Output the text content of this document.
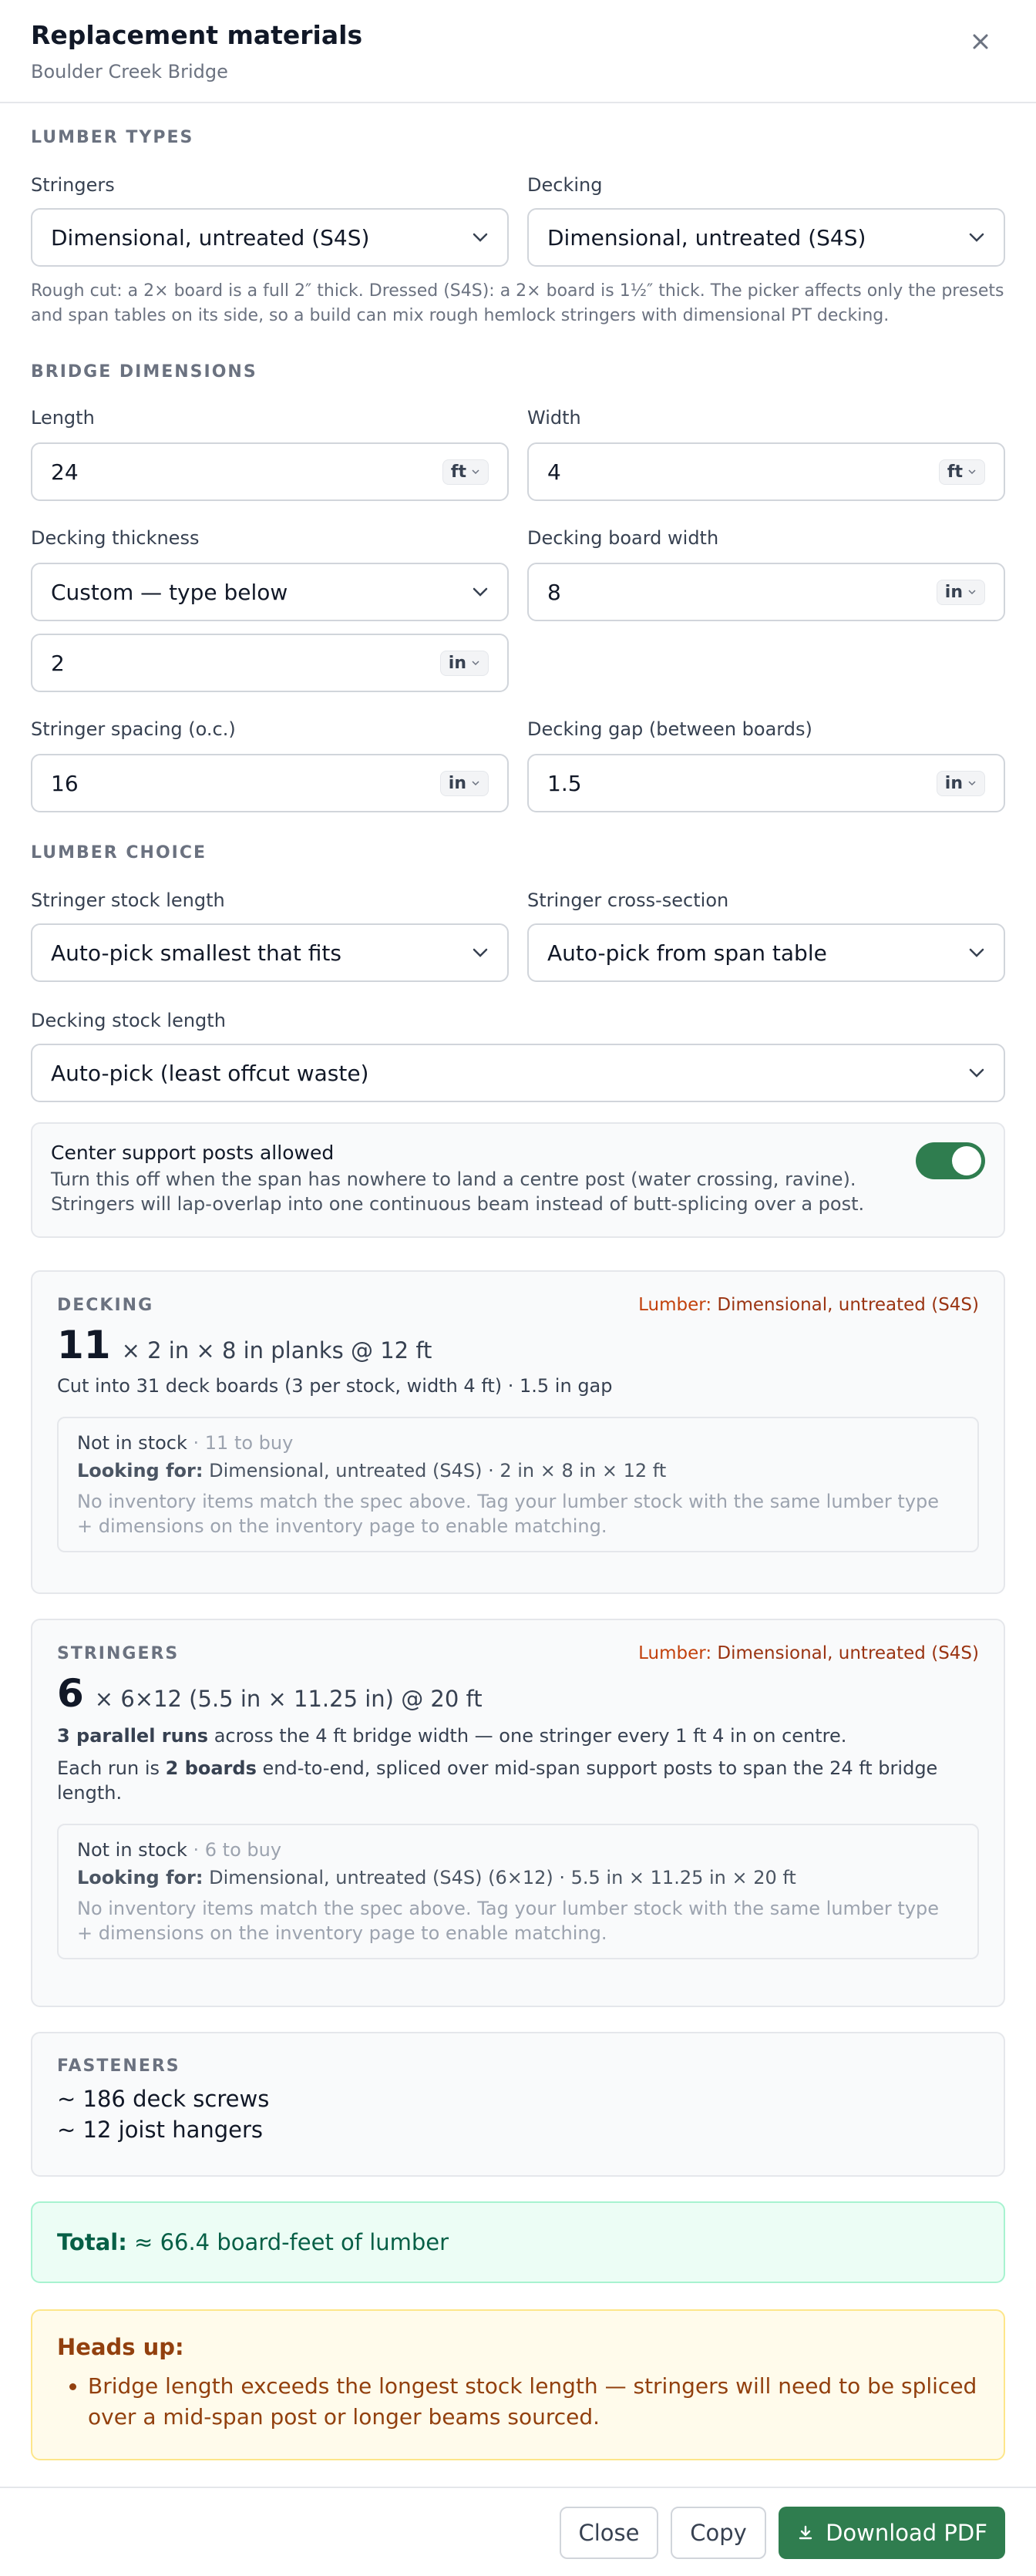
Replacement materials
Boulder Creek Bridge
LUMBER TYPES
Stringers
Dimensional, untreated (S4S)
Decking
Dimensional, untreated (S4S)
Rough cut: a 2× board is a full 2″ thick. Dressed (S4S): a 2× board is 1½″ thick. The picker affects only the presets and span tables on its side, so a build can mix rough hemlock stringers with dimensional PT decking.
BRIDGE DIMENSIONS
Length
24	ft
Width
4	ft
Decking thickness
Custom — type below
2	in
Decking board width
8	in
Stringer spacing (o.c.)
16	in
Decking gap (between boards)
1.5	in
LUMBER CHOICE
Stringer stock length
Auto-pick smallest that fits
Stringer cross-section
Auto-pick from span table
Decking stock length
Auto-pick (least offcut waste)
Center support posts allowed
Turn this off when the span has nowhere to land a centre post (water crossing, ravine). Stringers will lap-overlap into one continuous beam instead of butt-splicing over a post.
DECKING	Lumber: Dimensional, untreated (S4S)
11 × 2 in × 8 in planks @ 12 ft
Cut into 31 deck boards (3 per stock, width 4 ft) · 1.5 in gap
Not in stock · 11 to buy
Looking for: Dimensional, untreated (S4S) · 2 in × 8 in × 12 ft
No inventory items match the spec above. Tag your lumber stock with the same lumber type + dimensions on the inventory page to enable matching.
STRINGERS	Lumber: Dimensional, untreated (S4S)
6 × 6×12 (5.5 in × 11.25 in) @ 20 ft
3 parallel runs across the 4 ft bridge width — one stringer every 1 ft 4 in on centre.
Each run is 2 boards end-to-end, spliced over mid-span support posts to span the 24 ft bridge length.
Not in stock · 6 to buy
Looking for: Dimensional, untreated (S4S) (6×12) · 5.5 in × 11.25 in × 20 ft
No inventory items match the spec above. Tag your lumber stock with the same lumber type + dimensions on the inventory page to enable matching.
FASTENERS
~ 186 deck screws
~ 12 joist hangers
Total:
≈ 66.4 board-feet of lumber
Heads up:
• Bridge length exceeds the longest stock length — stringers will need to be spliced over a mid-span post or longer beams sourced.
Close	Copy	Download PDF
